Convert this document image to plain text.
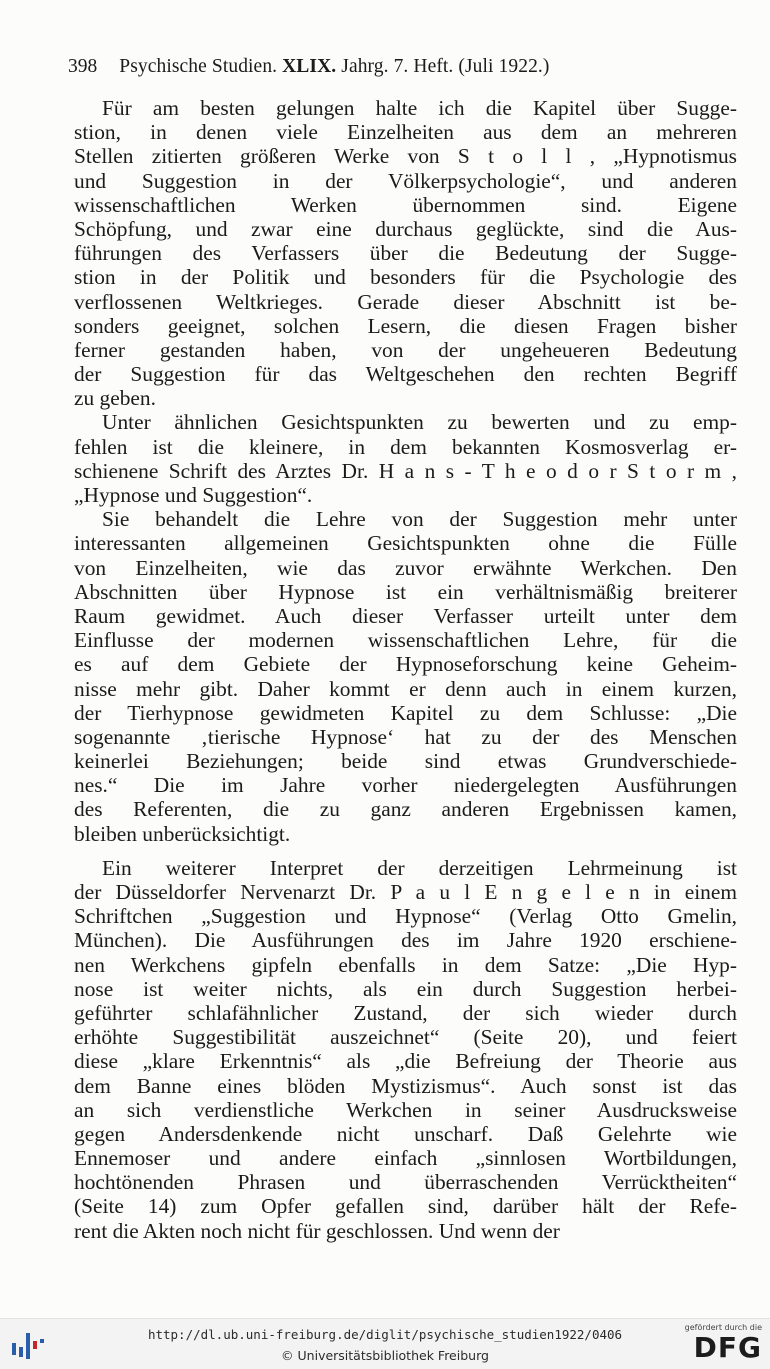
398 Psychische Studien. XLIX. Jahrg. 7. Heft. (Juli 1922.)
Für am besten gelungen halte ich die Kapitel über Sugge-
stion, in denen viele Einzelheiten aus dem an mehreren
Stellen zitierten größeren Werke von S t o l l , „Hypnotismus
und Suggestion in der Völkerpsychologie“, und anderen
wissenschaftlichen Werken übernommen sind. Eigene
Schöpfung, und zwar eine durchaus geglückte, sind die Aus-
führungen des Verfassers über die Bedeutung der Sugge-
stion in der Politik und besonders für die Psychologie des
verflossenen Weltkrieges. Gerade dieser Abschnitt ist be-
sonders geeignet, solchen Lesern, die diesen Fragen bisher
ferner gestanden haben, von der ungeheueren Bedeutung
der Suggestion für das Weltgeschehen den rechten Begriff
zu geben.
Unter ähnlichen Gesichtspunkten zu bewerten und zu emp-
fehlen ist die kleinere, in dem bekannten Kosmosverlag er-
schienene Schrift des Arztes Dr. H a n s - T h e o d o r S t o r m ,
„Hypnose und Suggestion“.
Sie behandelt die Lehre von der Suggestion mehr unter
interessanten allgemeinen Gesichtspunkten ohne die Fülle
von Einzelheiten, wie das zuvor erwähnte Werkchen. Den
Abschnitten über Hypnose ist ein verhältnismäßig breiterer
Raum gewidmet. Auch dieser Verfasser urteilt unter dem
Einflusse der modernen wissenschaftlichen Lehre, für die
es auf dem Gebiete der Hypnoseforschung keine Geheim-
nisse mehr gibt. Daher kommt er denn auch in einem kurzen,
der Tierhypnose gewidmeten Kapitel zu dem Schlusse: „Die
sogenannte ‚tierische Hypnose‘ hat zu der des Menschen
keinerlei Beziehungen; beide sind etwas Grundverschiede-
nes.“ Die im Jahre vorher niedergelegten Ausführungen
des Referenten, die zu ganz anderen Ergebnissen kamen,
bleiben unberücksichtigt.
Ein weiterer Interpret der derzeitigen Lehrmeinung ist
der Düsseldorfer Nervenarzt Dr. P a u l E n g e l e n in einem
Schriftchen „Suggestion und Hypnose“ (Verlag Otto Gmelin,
München). Die Ausführungen des im Jahre 1920 erschiene-
nen Werkchens gipfeln ebenfalls in dem Satze: „Die Hyp-
nose ist weiter nichts, als ein durch Suggestion herbei-
geführter schlafähnlicher Zustand, der sich wieder durch
erhöhte Suggestibilität auszeichnet“ (Seite 20), und feiert
diese „klare Erkenntnis“ als „die Befreiung der Theorie aus
dem Banne eines blöden Mystizismus“. Auch sonst ist das
an sich verdienstliche Werkchen in seiner Ausdrucksweise
gegen Andersdenkende nicht unscharf. Daß Gelehrte wie
Ennemoser und andere einfach „sinnlosen Wortbildungen,
hochtönenden Phrasen und überraschenden Verrücktheiten“
(Seite 14) zum Opfer gefallen sind, darüber hält der Refe-
rent die Akten noch nicht für geschlossen. Und wenn der
http://dl.ub.uni-freiburg.de/diglit/psychische_studien1922/0406
© Universitätsbibliothek Freiburg
gefördert durch die
DFG
